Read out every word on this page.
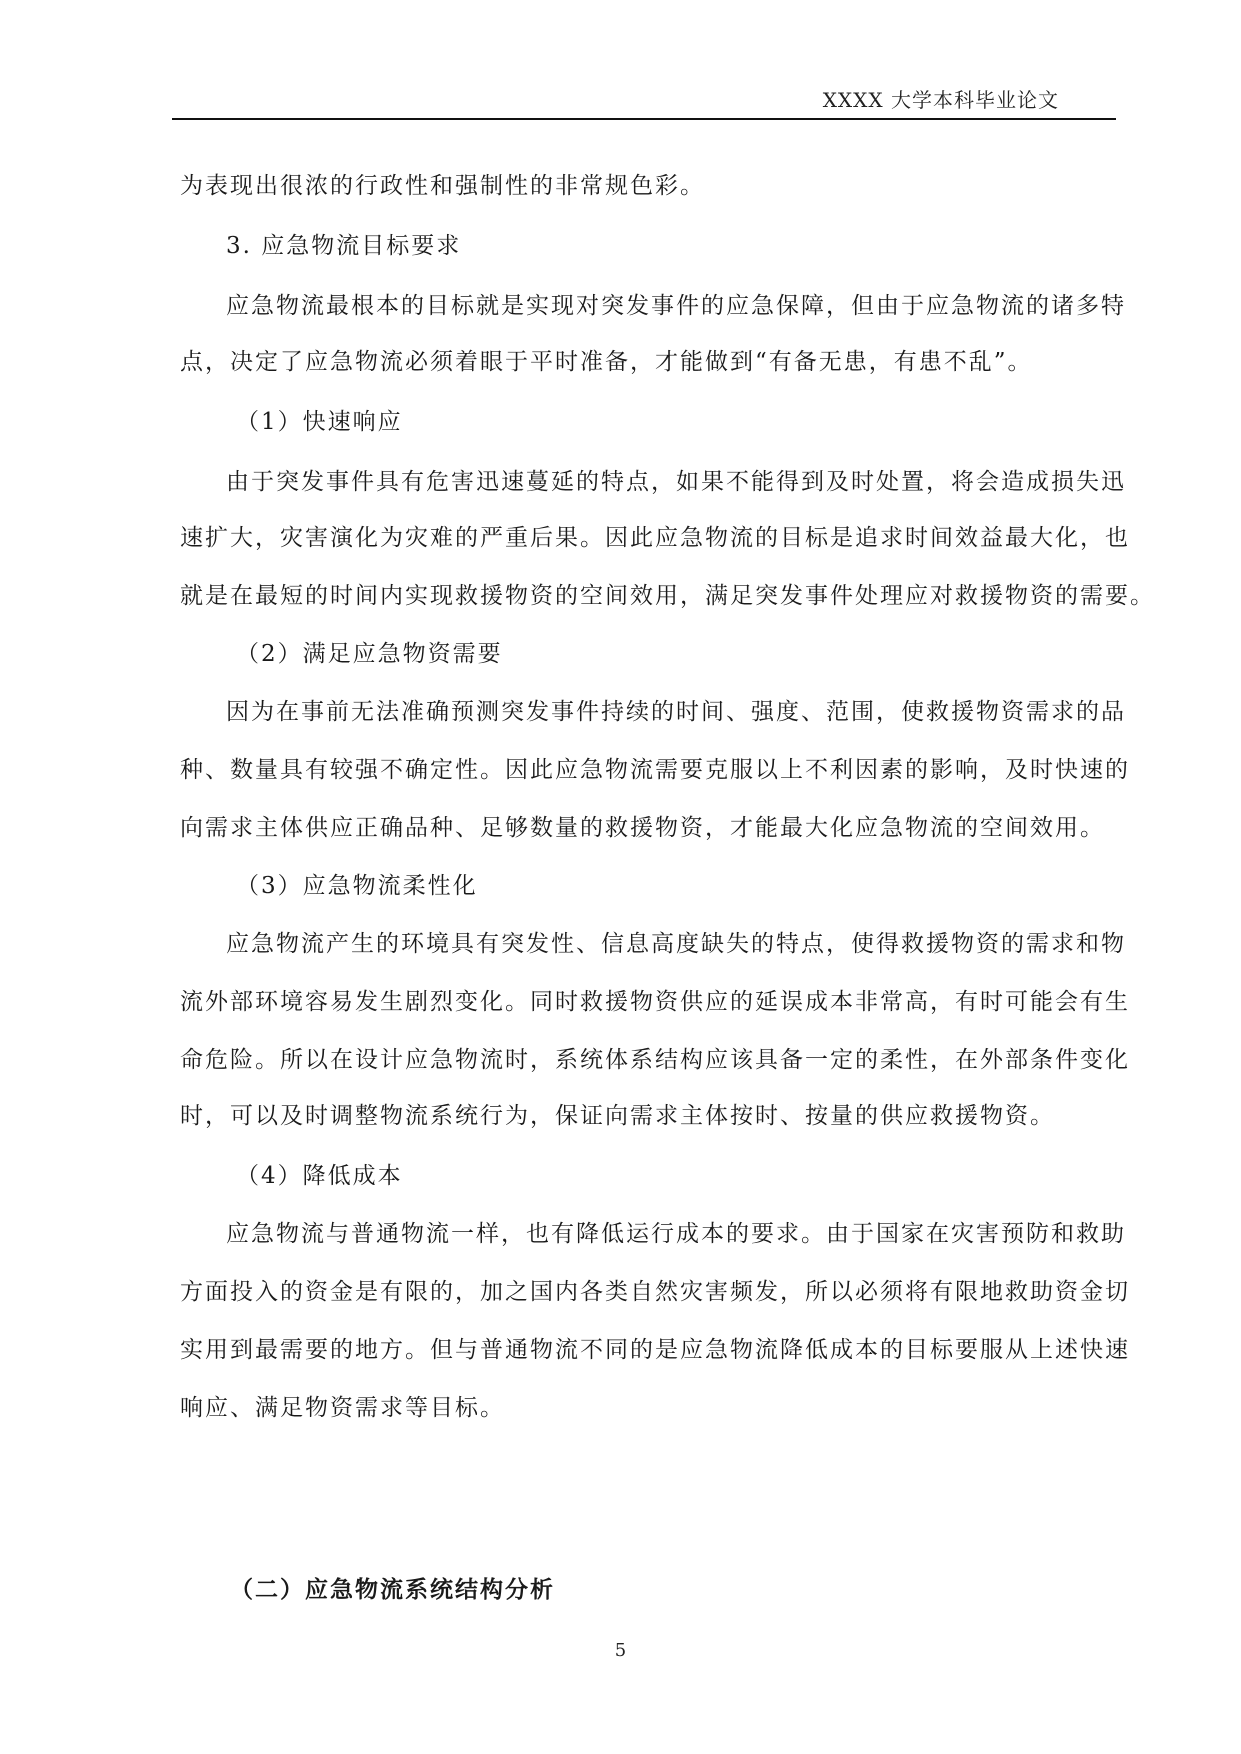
XXXX 大学本科毕业论文
为表现出很浓的行政性和强制性的非常规色彩。
3. 应急物流目标要求
应急物流最根本的目标就是实现对突发事件的应急保障，但由于应急物流的诸多特
点，决定了应急物流必须着眼于平时准备，才能做到“有备无患，有患不乱”。
（1）快速响应
由于突发事件具有危害迅速蔓延的特点，如果不能得到及时处置，将会造成损失迅
速扩大，灾害演化为灾难的严重后果。因此应急物流的目标是追求时间效益最大化，也
就是在最短的时间内实现救援物资的空间效用，满足突发事件处理应对救援物资的需要。
（2）满足应急物资需要
因为在事前无法准确预测突发事件持续的时间、强度、范围，使救援物资需求的品
种、数量具有较强不确定性。因此应急物流需要克服以上不利因素的影响，及时快速的
向需求主体供应正确品种、足够数量的救援物资，才能最大化应急物流的空间效用。
（3）应急物流柔性化
应急物流产生的环境具有突发性、信息高度缺失的特点，使得救援物资的需求和物
流外部环境容易发生剧烈变化。同时救援物资供应的延误成本非常高，有时可能会有生
命危险。所以在设计应急物流时，系统体系结构应该具备一定的柔性，在外部条件变化
时，可以及时调整物流系统行为，保证向需求主体按时、按量的供应救援物资。
（4）降低成本
应急物流与普通物流一样，也有降低运行成本的要求。由于国家在灾害预防和救助
方面投入的资金是有限的，加之国内各类自然灾害频发，所以必须将有限地救助资金切
实用到最需要的地方。但与普通物流不同的是应急物流降低成本的目标要服从上述快速
响应、满足物资需求等目标。
（二）应急物流系统结构分析
5
